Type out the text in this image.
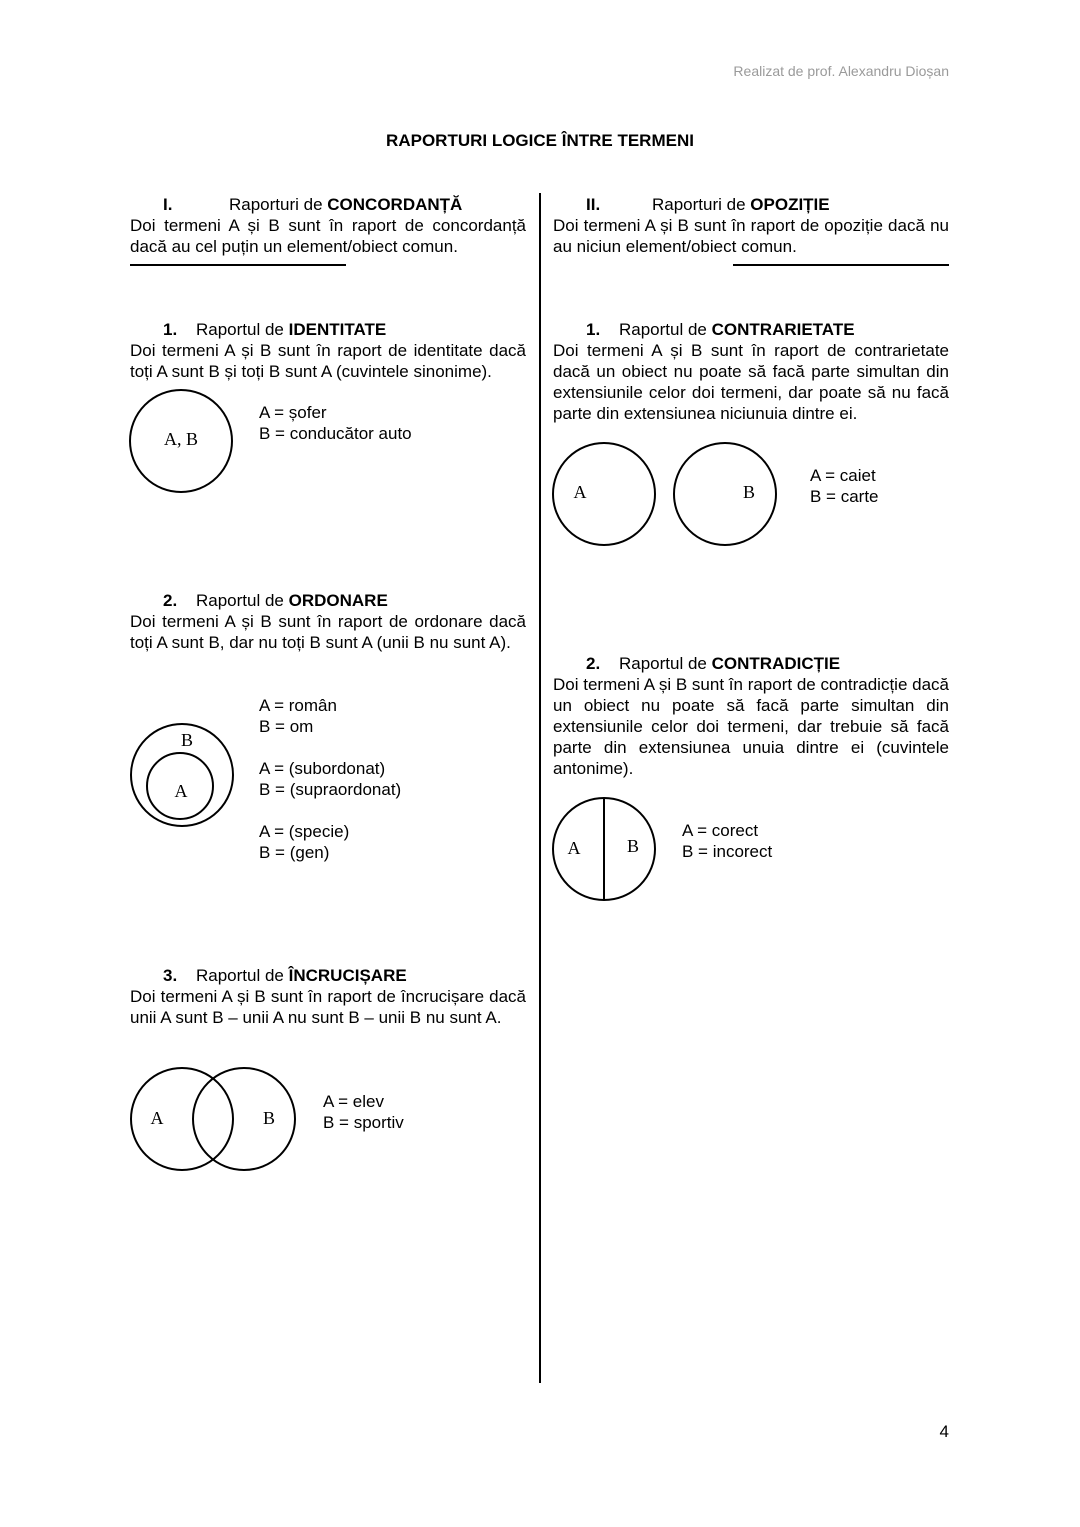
Realizat de prof. Alexandru Dioșan
RAPORTURI LOGICE ÎNTRE TERMENI
I.	Raporturi de CONCORDANȚĂ
Doi termeni A și B sunt în raport de concordanță dacă au cel puțin un element/obiect comun.
1. Raportul de IDENTITATE
Doi termeni A și B sunt în raport de identitate dacă toți A sunt B și toți B sunt A (cuvintele sinonime).
A, B
A = șofer
B = conducător auto
2. Raportul de ORDONARE
Doi termeni A și B sunt în raport de ordonare dacă toți A sunt B, dar nu toți B sunt A (unii B nu sunt A).
B
A
A = român
B = om
A = (subordonat)
B = (supraordonat)
A = (specie)
B = (gen)
3. Raportul de ÎNCRUCIȘARE
Doi termeni A și B sunt în raport de încrucișare dacă unii A sunt B – unii A nu sunt B – unii B nu sunt A.
A	B
A = elev
B = sportiv
II.	Raporturi de OPOZIȚIE
Doi termeni A și B sunt în raport de opoziție dacă nu au niciun element/obiect comun.
1. Raportul de CONTRARIETATE
Doi termeni A și B sunt în raport de contrarietate dacă un obiect nu poate să facă parte simultan din extensiunile celor doi termeni, dar poate să nu facă parte din extensiunea niciunuia dintre ei.
A	B
A = caiet
B = carte
2. Raportul de CONTRADICȚIE
Doi termeni A și B sunt în raport de contradicție dacă un obiect nu poate să facă parte simultan din extensiunile celor doi termeni, dar trebuie să facă parte din extensiunea unuia dintre ei (cuvintele antonime).
A	B
A = corect
B = incorect
4
